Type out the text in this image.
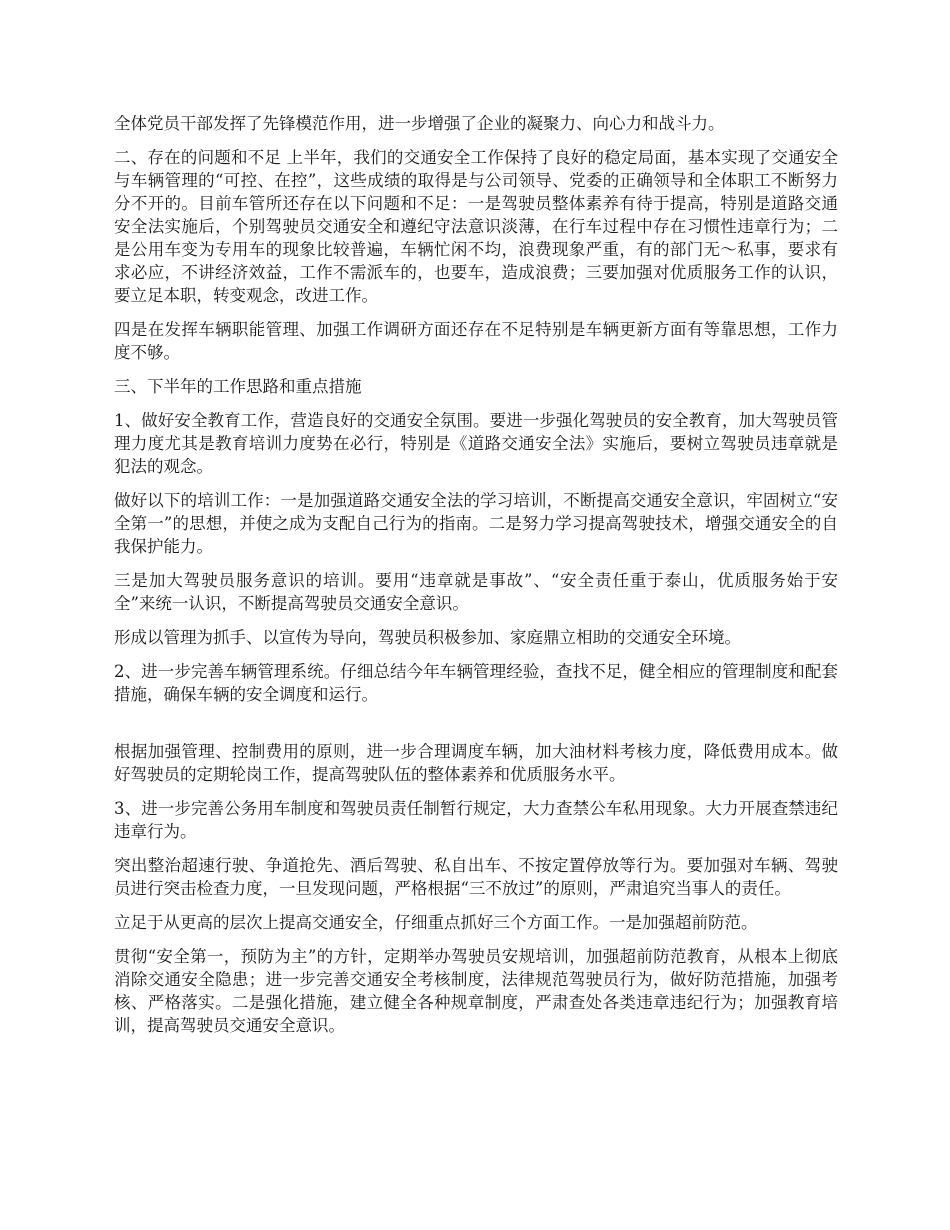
全体党员干部发挥了先锋模范作用，进一步增强了企业的凝聚力、向心力和战斗力。

二、存在的问题和不足 上半年，我们的交通安全工作保持了良好的稳定局面，基本实现了交通安全与车辆管理的“可控、在控”，这些成绩的取得是与公司领导、党委的正确领导和全体职工不断努力分不开的。目前车管所还存在以下问题和不足：一是驾驶员整体素养有待于提高，特别是道路交通安全法实施后，个别驾驶员交通安全和遵纪守法意识淡薄，在行车过程中存在习惯性违章行为；二是公用车变为专用车的现象比较普遍，车辆忙闲不均，浪费现象严重，有的部门无～私事，要求有求必应，不讲经济效益，工作不需派车的，也要车，造成浪费；三要加强对优质服务工作的认识，要立足本职，转变观念，改进工作。

四是在发挥车辆职能管理、加强工作调研方面还存在不足特别是车辆更新方面有等靠思想，工作力度不够。

三、下半年的工作思路和重点措施

1、做好安全教育工作，营造良好的交通安全氛围。要进一步强化驾驶员的安全教育，加大驾驶员管理力度尤其是教育培训力度势在必行，特别是《道路交通安全法》实施后，要树立驾驶员违章就是犯法的观念。

做好以下的培训工作：一是加强道路交通安全法的学习培训，不断提高交通安全意识，牢固树立“安全第一”的思想，并使之成为支配自己行为的指南。二是努力学习提高驾驶技术，增强交通安全的自我保护能力。

三是加大驾驶员服务意识的培训。要用“违章就是事故”、“安全责任重于泰山，优质服务始于安全”来统一认识，不断提高驾驶员交通安全意识。

形成以管理为抓手、以宣传为导向，驾驶员积极参加、家庭鼎立相助的交通安全环境。

2、进一步完善车辆管理系统。仔细总结今年车辆管理经验，查找不足，健全相应的管理制度和配套措施，确保车辆的安全调度和运行。

根据加强管理、控制费用的原则，进一步合理调度车辆，加大油材料考核力度，降低费用成本。做好驾驶员的定期轮岗工作，提高驾驶队伍的整体素养和优质服务水平。

3、进一步完善公务用车制度和驾驶员责任制暂行规定，大力查禁公车私用现象。大力开展查禁违纪违章行为。

突出整治超速行驶、争道抢先、酒后驾驶、私自出车、不按定置停放等行为。要加强对车辆、驾驶员进行突击检查力度，一旦发现问题，严格根据“三不放过”的原则，严肃追究当事人的责任。

立足于从更高的层次上提高交通安全，仔细重点抓好三个方面工作。一是加强超前防范。

贯彻“安全第一，预防为主”的方针，定期举办驾驶员安规培训，加强超前防范教育，从根本上彻底消除交通安全隐患；进一步完善交通安全考核制度，法律规范驾驶员行为，做好防范措施，加强考核、严格落实。二是强化措施，建立健全各种规章制度，严肃查处各类违章违纪行为；加强教育培训，提高驾驶员交通安全意识。
